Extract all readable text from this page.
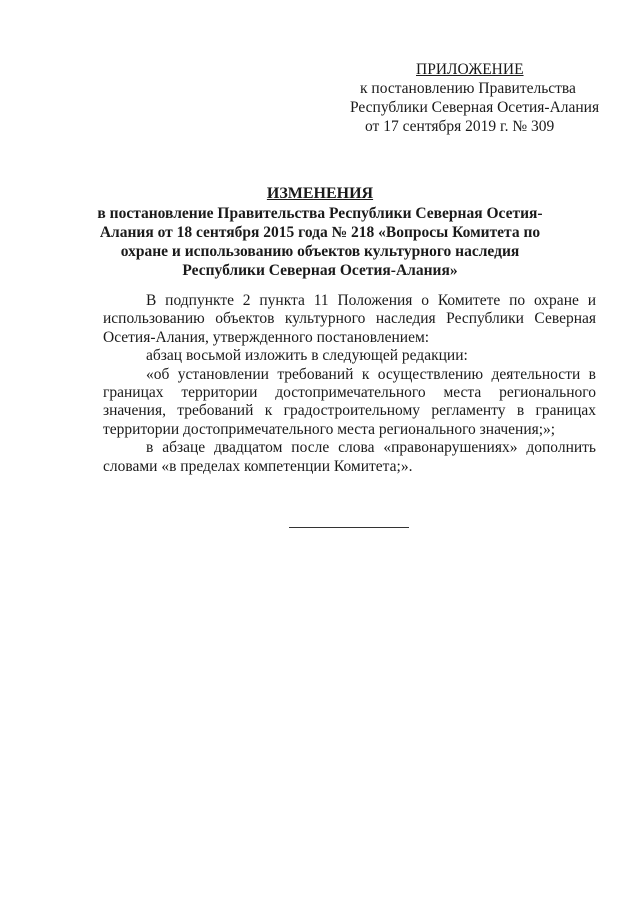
ПРИЛОЖЕНИЕ
к постановлению Правительства
Республики Северная Осетия-Алания
от 17 сентября 2019 г. № 309
ИЗМЕНЕНИЯ
в постановление Правительства Республики Северная Осетия-Алания от 18 сентября 2015 года № 218 «Вопросы Комитета по охране и использованию объектов культурного наследия Республики Северная Осетия-Алания»

В подпункте 2 пункта 11 Положения о Комитете по охране и использованию объектов культурного наследия Республики Северная Осетия-Алания, утвержденного постановлением:

абзац восьмой изложить в следующей редакции:

«об установлении требований к осуществлению деятельности в границах территории достопримечательного места регионального значения, требований к градостроительному регламенту в границах территории достопримечательного места регионального значения;»;

в абзаце двадцатом после слова «правонарушениях» дополнить словами «в пределах компетенции Комитета;».
